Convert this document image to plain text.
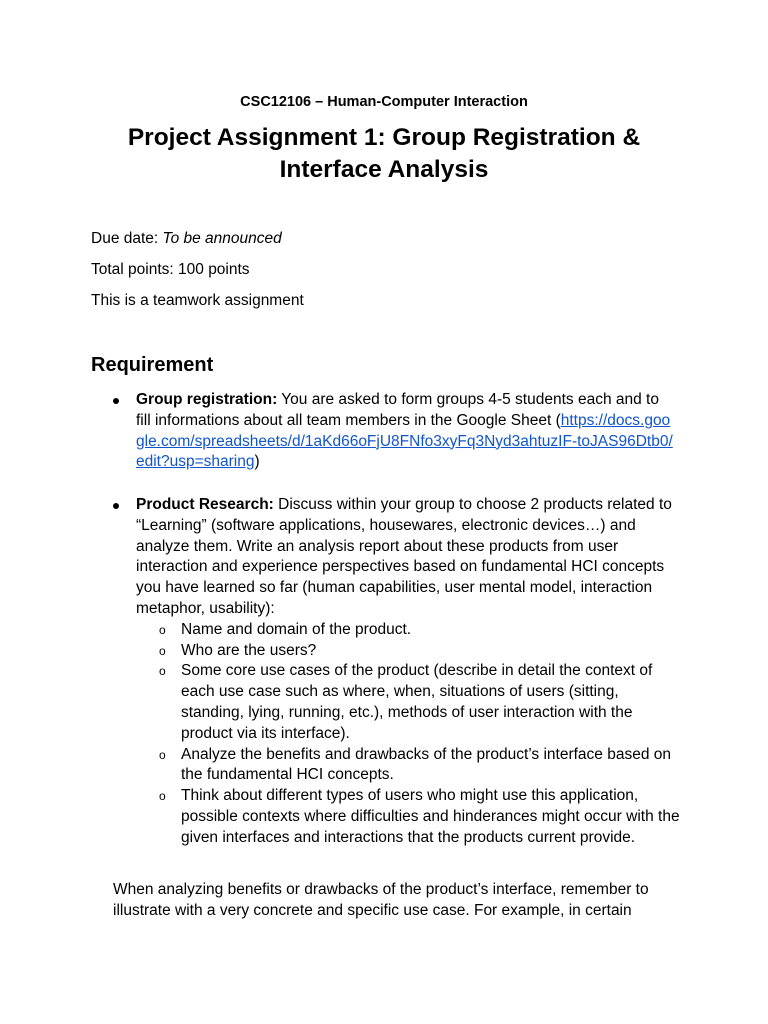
CSC12106 – Human-Computer Interaction
Project Assignment 1: Group Registration &
Interface Analysis

Due date: To be announced

Total points: 100 points

This is a teamwork assignment

Requirement
Group registration: You are asked to form groups 4-5 students each and to fill informations about all team members in the Google Sheet (https://docs.google.com/spreadsheets/d/1aKd66oFjU8FNfo3xyFq3Nyd3ahtuzIF-toJAS96Dtb0/edit?usp=sharing)
Product Research: Discuss within your group to choose 2 products related to “Learning” (software applications, housewares, electronic devices…) and analyze them. Write an analysis report about these products from user interaction and experience perspectives based on fundamental HCI concepts you have learned so far (human capabilities, user mental model, interaction metaphor, usability):
o Name and domain of the product.
o Who are the users?
o Some core use cases of the product (describe in detail the context of each use case such as where, when, situations of users (sitting, standing, lying, running, etc.), methods of user interaction with the product via its interface).
o Analyze the benefits and drawbacks of the product’s interface based on the fundamental HCI concepts.
o Think about different types of users who might use this application, possible contexts where difficulties and hinderances might occur with the given interfaces and interactions that the products current provide.

When analyzing benefits or drawbacks of the product’s interface, remember to illustrate with a very concrete and specific use case. For example, in certain
